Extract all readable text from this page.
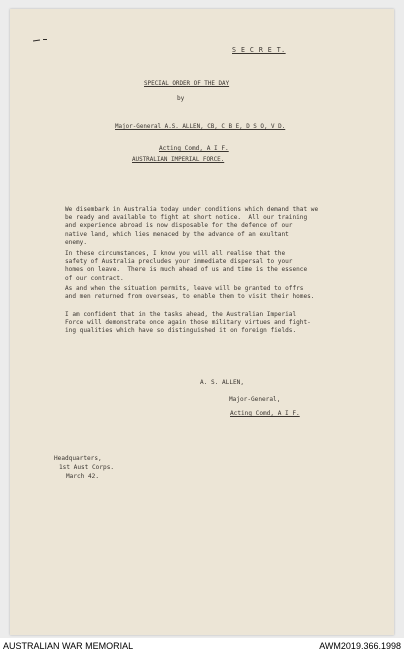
S E C R E T.
SPECIAL ORDER OF THE DAY
by
Major-General A.S. ALLEN, CB, C B E, D S O, V D.
Acting Comd, A I F.
AUSTRALIAN IMPERIAL FORCE.
We disembark in Australia today under conditions which demand that we
be ready and available to fight at short notice.  All our training
and experience abroad is now disposable for the defence of our
native land, which lies menaced by the advance of an exultant
enemy.
In these circumstances, I know you will all realise that the
safety of Australia precludes your immediate dispersal to your
homes on leave.  There is much ahead of us and time is the essence
of our contract.
As and when the situation permits, leave will be granted to offrs
and men returned from overseas, to enable them to visit their homes.
I am confident that in the tasks ahead, the Australian Imperial
Force will demonstrate once again those military virtues and fight-
ing qualities which have so distinguished it on foreign fields.
A. S. ALLEN,
Major-General,
Acting Comd, A I F.
Headquarters,
1st Aust Corps.
March 42.
AUSTRALIAN WAR MEMORIAL	AWM2019.366.1998
